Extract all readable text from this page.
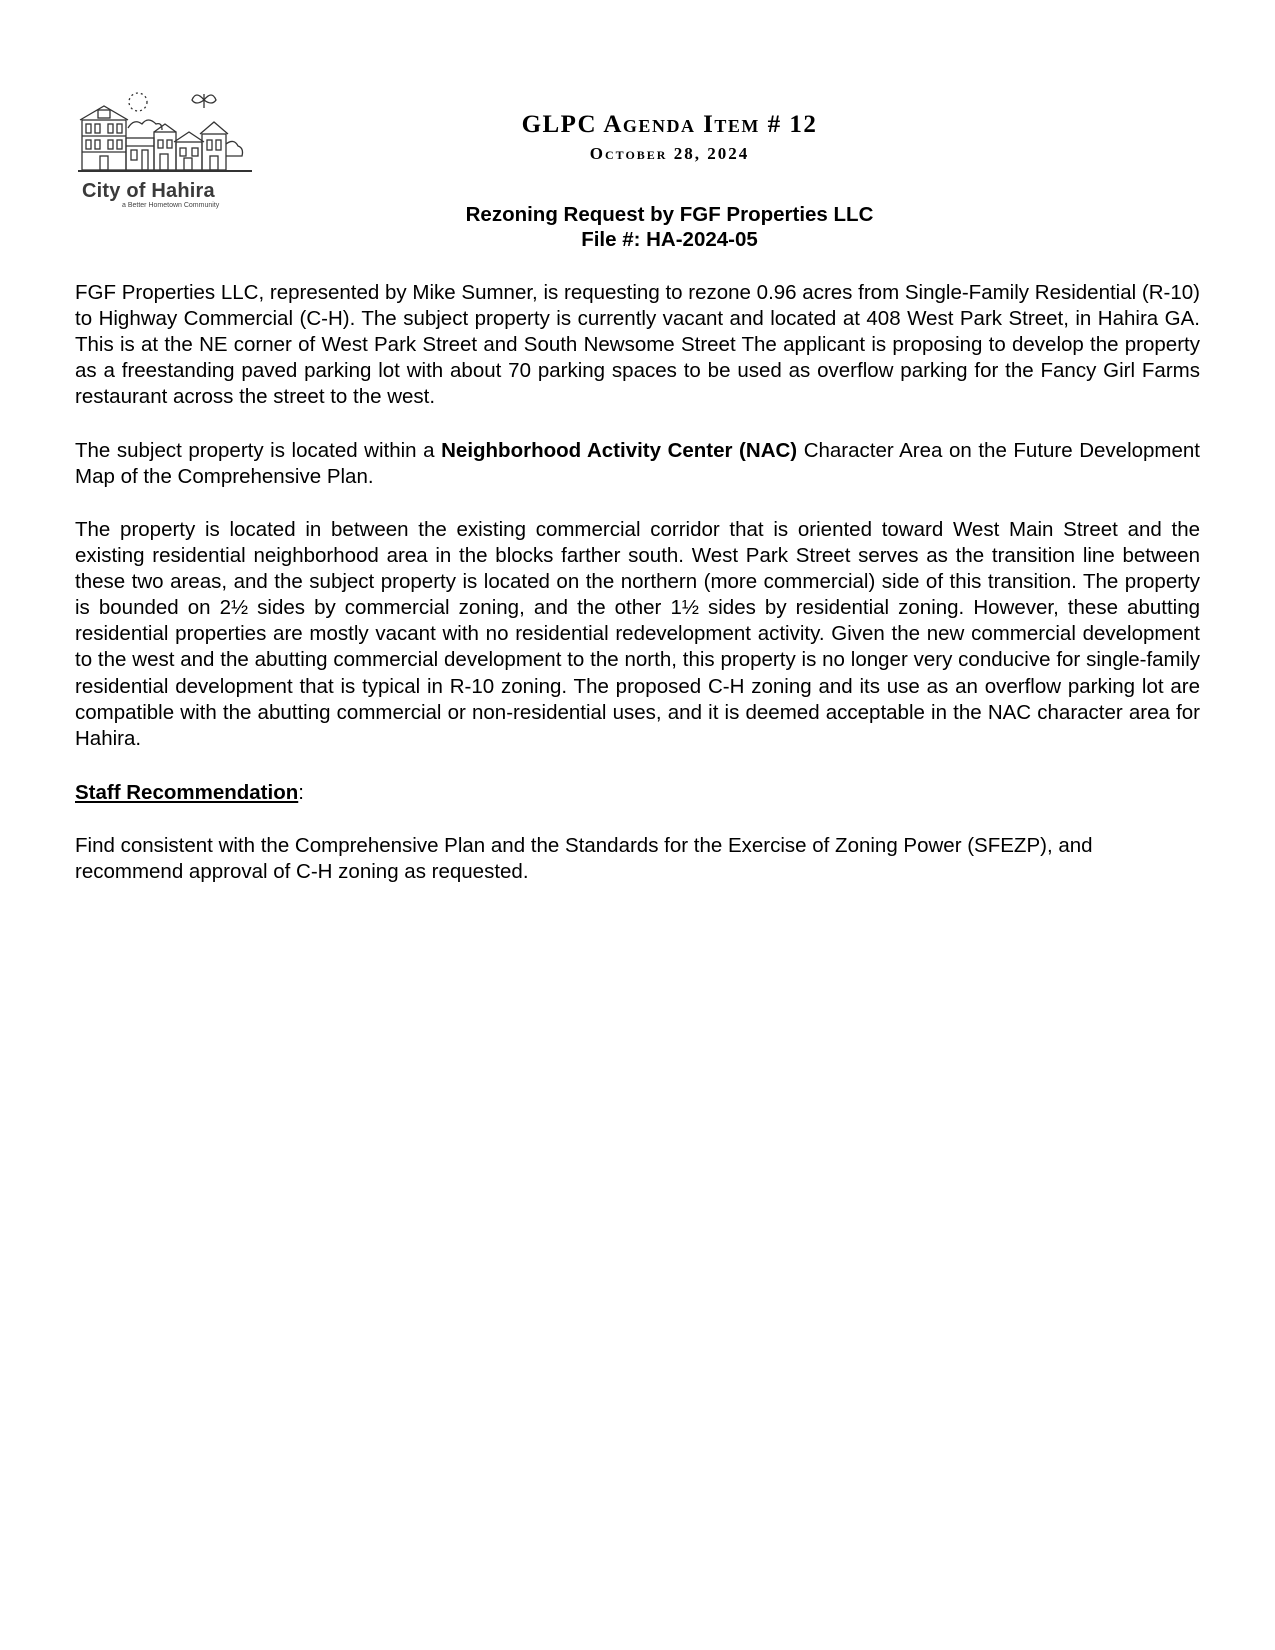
City of Hahira
a Better Hometown Community
GLPC Agenda Item # 12
October 28, 2024
Rezoning Request by FGF Properties LLC
File #: HA-2024-05
FGF Properties LLC, represented by Mike Sumner, is requesting to rezone 0.96 acres from Single-Family Residential (R-10) to Highway Commercial (C-H). The subject property is currently vacant and located at 408 West Park Street, in Hahira GA. This is at the NE corner of West Park Street and South Newsome Street The applicant is proposing to develop the property as a freestanding paved parking lot with about 70 parking spaces to be used as overflow parking for the Fancy Girl Farms restaurant across the street to the west.
The subject property is located within a Neighborhood Activity Center (NAC) Character Area on the Future Development Map of the Comprehensive Plan.
The property is located in between the existing commercial corridor that is oriented toward West Main Street and the existing residential neighborhood area in the blocks farther south. West Park Street serves as the transition line between these two areas, and the subject property is located on the northern (more commercial) side of this transition. The property is bounded on 2½ sides by commercial zoning, and the other 1½ sides by residential zoning. However, these abutting residential properties are mostly vacant with no residential redevelopment activity. Given the new commercial development to the west and the abutting commercial development to the north, this property is no longer very conducive for single-family residential development that is typical in R-10 zoning. The proposed C-H zoning and its use as an overflow parking lot are compatible with the abutting commercial or non-residential uses, and it is deemed acceptable in the NAC character area for Hahira.
Staff Recommendation:
Find consistent with the Comprehensive Plan and the Standards for the Exercise of Zoning Power (SFEZP), and recommend approval of C-H zoning as requested.
